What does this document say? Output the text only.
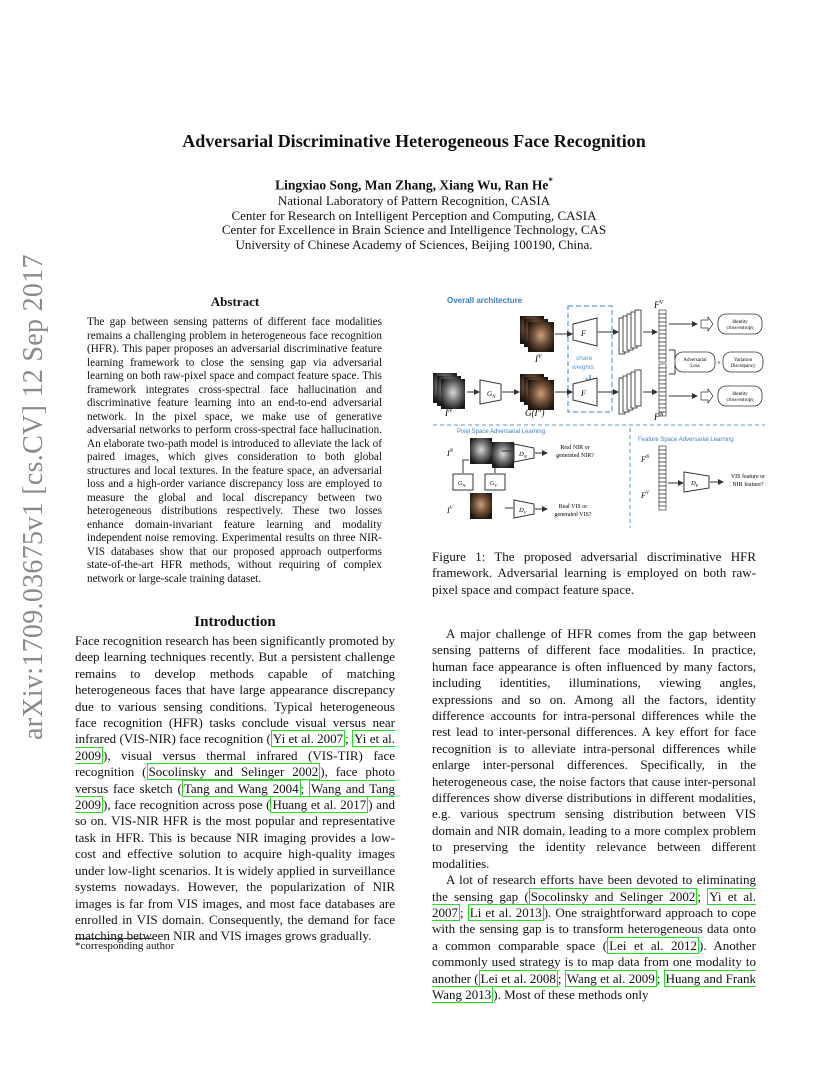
arXiv:1709.03675v1 [cs.CV] 12 Sep 2017
Adversarial Discriminative Heterogeneous Face Recognition
Lingxiao Song, Man Zhang, Xiang Wu, Ran He*
National Laboratory of Pattern Recognition, CASIA
Center for Research on Intelligent Perception and Computing, CASIA
Center for Excellence in Brain Science and Intelligence Technology, CAS
University of Chinese Academy of Sciences, Beijing 100190, China.
Abstract
The gap between sensing patterns of different face modalities remains a challenging problem in heterogeneous face recognition (HFR). This paper proposes an adversarial discriminative feature learning framework to close the sensing gap via adversarial learning on both raw-pixel space and compact feature space. This framework integrates cross-spectral face hallucination and discriminative feature learning into an end-to-end adversarial network. In the pixel space, we make use of generative adversarial networks to perform cross-spectral face hallucination. An elaborate two-path model is introduced to alleviate the lack of paired images, which gives consideration to both global structures and local textures. In the feature space, an adversarial loss and a high-order variance discrepancy loss are employed to measure the global and local discrepancy between two heterogeneous distributions respectively. These two losses enhance domain-invariant feature learning and modality independent noise removing. Experimental results on three NIR-VIS databases show that our proposed approach outperforms state-of-the-art HFR methods, without requiring of complex network or large-scale training dataset.
Introduction

Face recognition research has been significantly promoted by deep learning techniques recently. But a persistent challenge remains to develop methods capable of matching heterogeneous faces that have large appearance discrepancy due to various sensing conditions. Typical heterogeneous face recognition (HFR) tasks conclude visual versus near infrared (VIS-NIR) face recognition ( Yi et al. 2007 ; Yi et al. 2009 ), visual versus thermal infrared (VIS-TIR) face recognition ( Socolinsky and Selinger 2002 ), face photo versus face sketch ( Tang and Wang 2004 ; Wang and Tang 2009 ), face recognition across pose ( Huang et al. 2017 ) and so on. VIS-NIR HFR is the most popular and representative task in HFR. This is because NIR imaging provides a low-cost and effective solution to acquire high-quality images under low-light scenarios. It is widely applied in surveillance systems nowadays. However, the popularization of NIR images is far from VIS images, and most face databases are enrolled in VIS domain. Consequently, the demand for face matching between NIR and VIS images grows gradually.

*corresponding author
Overall architecture
share
weights
$I^V$
$I^N$
$G_N$
$G(I^N)$
F
F
$F^V$
$F^N$
Identity
cross-entropy
Adversarial
Loss +	Variation
Discrepancy
Identity
cross-entropy
Pixel Space Adversarial Learning
$I^N$	$D_N$
Real NIR or
generated NIR?
$G_N$	$G_V$
$I^V$	$D_V$
Real VIS or
generated VIS?
Feature Space Adversarial Learning
$F^N$
$F^V$
$D_F$
VIS feature or
NIR feature?
Figure 1: The proposed adversarial discriminative HFR framework. Adversarial learning is employed on both raw-pixel space and compact feature space.

A major challenge of HFR comes from the gap between sensing patterns of different face modalities. In practice, human face appearance is often influenced by many factors, including identities, illuminations, viewing angles, expressions and so on. Among all the factors, identity difference accounts for intra-personal differences while the rest lead to inter-personal differences. A key effort for face recognition is to alleviate intra-personal differences while enlarge inter-personal differences. Specifically, in the heterogeneous case, the noise factors that cause inter-personal differences show diverse distributions in different modalities, e.g. various spectrum sensing distribution between VIS domain and NIR domain, leading to a more complex problem to preserving the identity relevance between different modalities.

A lot of research efforts have been devoted to eliminating the sensing gap ( Socolinsky and Selinger 2002 ; Yi et al. 2007 ; Li et al. 2013 ). One straightforward approach to cope with the sensing gap is to transform heterogeneous data onto a common comparable space ( Lei et al. 2012 ). Another commonly used strategy is to map data from one modality to another ( Lei et al. 2008 ; Wang et al. 2009 ; Huang and Frank Wang 2013 ). Most of these methods only
